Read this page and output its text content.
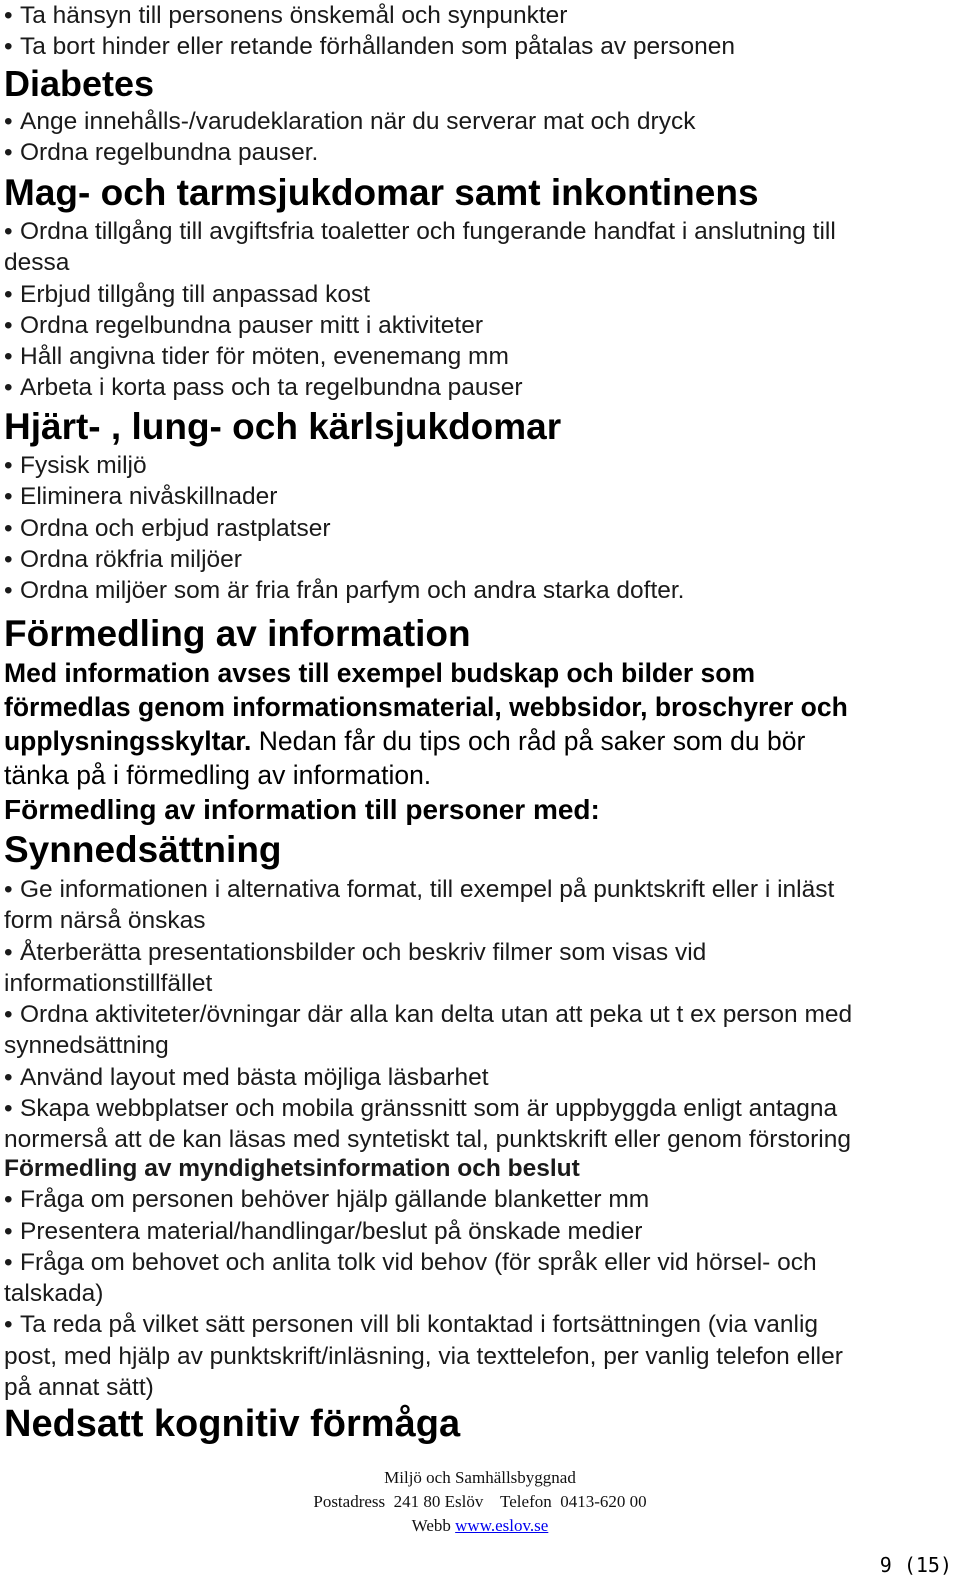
• Ta hänsyn till personens önskemål och synpunkter
• Ta bort hinder eller retande förhållanden som påtalas av personen
Diabetes
• Ange innehålls-/varudeklaration när du serverar mat och dryck
• Ordna regelbundna pauser.
Mag- och tarmsjukdomar samt inkontinens
• Ordna tillgång till avgiftsfria toaletter och fungerande handfat i anslutning till
dessa
• Erbjud tillgång till anpassad kost
• Ordna regelbundna pauser mitt i aktiviteter
• Håll angivna tider för möten, evenemang mm
• Arbeta i korta pass och ta regelbundna pauser
Hjärt- , lung- och kärlsjukdomar
• Fysisk miljö
• Eliminera nivåskillnader
• Ordna och erbjud rastplatser
• Ordna rökfria miljöer
• Ordna miljöer som är fria från parfym och andra starka dofter.
Förmedling av information
Med information avses till exempel budskap och bilder som
förmedlas genom informationsmaterial, webbsidor, broschyrer och
upplysningsskyltar. Nedan får du tips och råd på saker som du bör
tänka på i förmedling av information.
Förmedling av information till personer med:
Synnedsättning
• Ge informationen i alternativa format, till exempel på punktskrift eller i inläst
form närså önskas
• Återberätta presentationsbilder och beskriv filmer som visas vid
informationstillfället
• Ordna aktiviteter/övningar där alla kan delta utan att peka ut t ex person med
synnedsättning
• Använd layout med bästa möjliga läsbarhet
• Skapa webbplatser och mobila gränssnitt som är uppbyggda enligt antagna
normerså att de kan läsas med syntetiskt tal, punktskrift eller genom förstoring
Förmedling av myndighetsinformation och beslut
• Fråga om personen behöver hjälp gällande blanketter mm
• Presentera material/handlingar/beslut på önskade medier
• Fråga om behovet och anlita tolk vid behov (för språk eller vid hörsel- och
talskada)
• Ta reda på vilket sätt personen vill bli kontaktad i fortsättningen (via vanlig
post, med hjälp av punktskrift/inläsning, via texttelefon, per vanlig telefon eller
på annat sätt)
Nedsatt kognitiv förmåga
Miljö och Samhällsbyggnad
Postadress  241 80 Eslöv    Telefon  0413-620 00
Webb www.eslov.se
9 (15)
